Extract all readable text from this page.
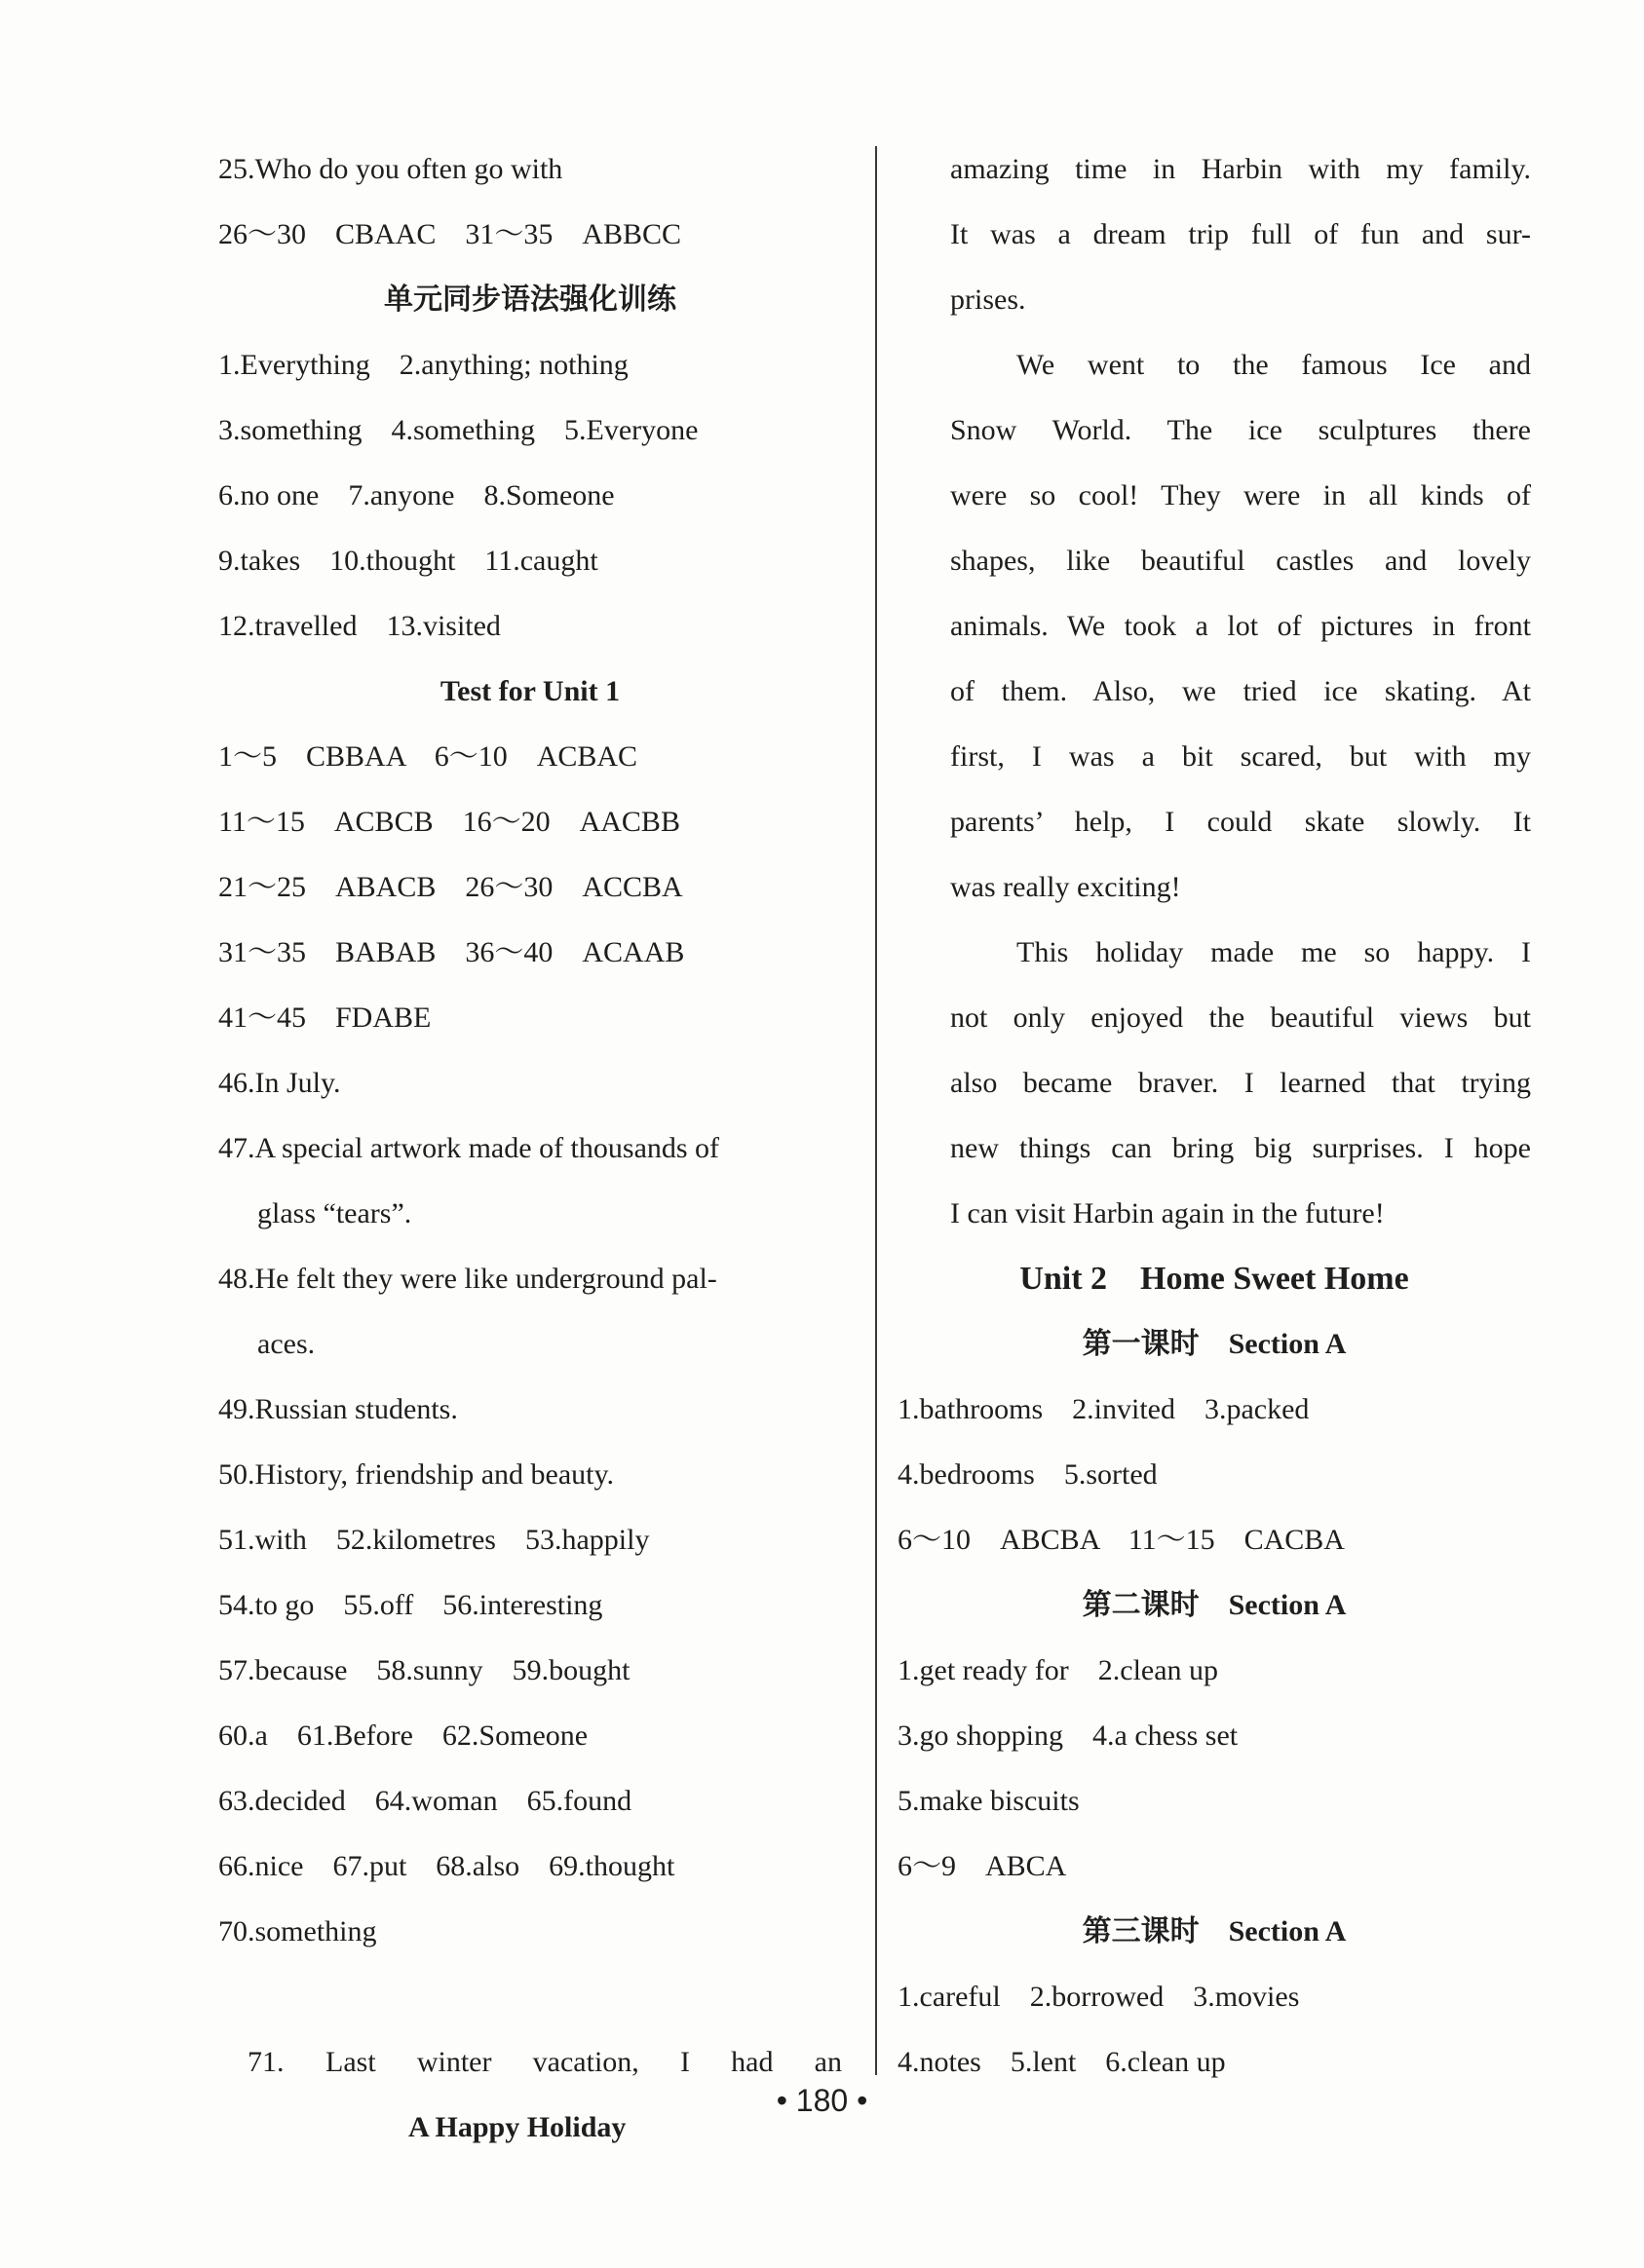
25.Who do you often go with
26～30　CBAAC　31～35　ABBCC
单元同步语法强化训练
1.Everything　2.anything; nothing
3.something　4.something　5.Everyone
6.no one　7.anyone　8.Someone
9.takes　10.thought　11.caught
12.travelled　13.visited
Test for Unit 1
1～5　CBBAA　6～10　ACBAC
11～15　ACBCB　16～20　AACBB
21～25　ABACB　26～30　ACCBA
31～35　BABAB　36～40　ACAAB
41～45　FDABE
46.In July.
47.A special artwork made of thousands of
glass “tears”.
48.He felt they were like underground pal-
aces.
49.Russian students.
50.History, friendship and beauty.
51.with　52.kilometres　53.happily
54.to go　55.off　56.interesting
57.because　58.sunny　59.bought
60.a　61.Before　62.Someone
63.decided　64.woman　65.found
66.nice　67.put　68.also　69.thought
70.something

71.

A Happy Holiday

Last winter vacation, I had an
amazing time in Harbin with my family.
It was a dream trip full of fun and sur-
prises.
We went to the famous Ice and
Snow World. The ice sculptures there
were so cool! They were in all kinds of
shapes, like beautiful castles and lovely
animals. We took a lot of pictures in front
of them. Also, we tried ice skating. At
first, I was a bit scared, but with my
parents’ help, I could skate slowly. It
was really exciting!
This holiday made me so happy. I
not only enjoyed the beautiful views but
also became braver. I learned that trying
new things can bring big surprises. I hope
I can visit Harbin again in the future!
Unit 2　Home Sweet Home
第一课时　Section A
1.bathrooms　2.invited　3.packed
4.bedrooms　5.sorted
6～10　ABCBA　11～15　CACBA
第二课时　Section A
1.get ready for　2.clean up
3.go shopping　4.a chess set
5.make biscuits
6～9　ABCA
第三课时　Section A
1.careful　2.borrowed　3.movies
4.notes　5.lent　6.clean up
• 180 •
